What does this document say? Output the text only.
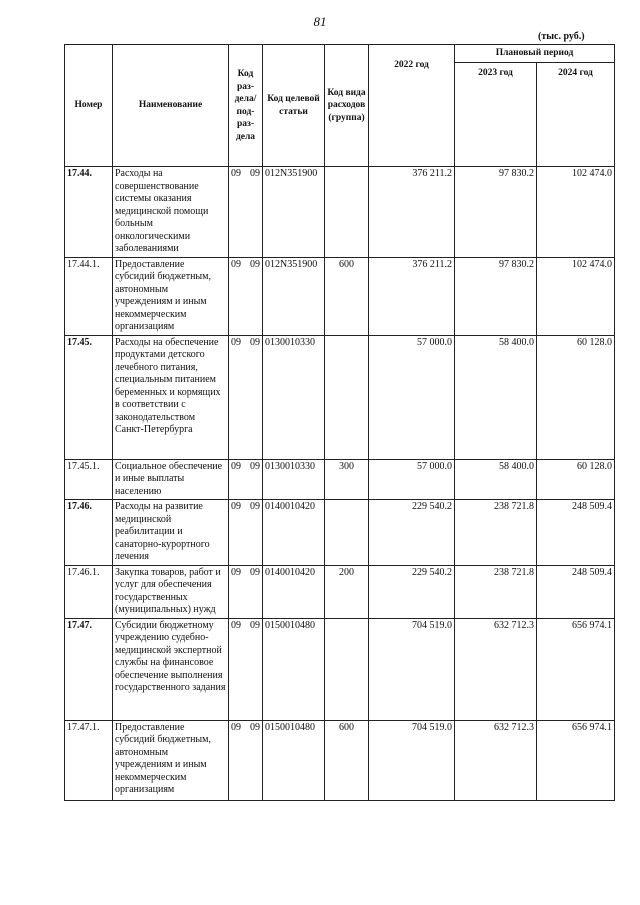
81
(тыс. руб.)
Номер	Наименование	Код раз- дела/ под- раз- дела	Код целевой статьи	Код вида расходов (группа)	2022 год	Плановый период	
						2023 год	2024 год
17.44.	Расходы на совершенствование системы оказания медицинской помощи больным онкологическими заболеваниями	09 09	012N351900		376 211.2	97 830.2	102 474.0
17.44.1.	Предоставление субсидий бюджетным, автономным учреждениям и иным некоммерческим организациям	09 09	012N351900	600	376 211.2	97 830.2	102 474.0
17.45.	Расходы на обеспечение продуктами детского лечебного питания, специальным питанием беременных и кормящих в соответствии с законодательством Санкт-Петербурга	09 09	0130010330		57 000.0	58 400.0	60 128.0
17.45.1.	Социальное обеспечение и иные выплаты населению	09 09	0130010330	300	57 000.0	58 400.0	60 128.0
17.46.	Расходы на развитие медицинской реабилитации и санаторно-курортного лечения	09 09	0140010420		229 540.2	238 721.8	248 509.4
17.46.1.	Закупка товаров, работ и услуг для обеспечения государственных (муниципальных) нужд	09 09	0140010420	200	229 540.2	238 721.8	248 509.4
17.47.	Субсидии бюджетному учреждению судебно-медицинской экспертной службы на финансовое обеспечение выполнения государственного задания	09 09	0150010480		704 519.0	632 712.3	656 974.1
17.47.1.	Предоставление субсидий бюджетным, автономным учреждениям и иным некоммерческим организациям	09 09	0150010480	600	704 519.0	632 712.3	656 974.1
